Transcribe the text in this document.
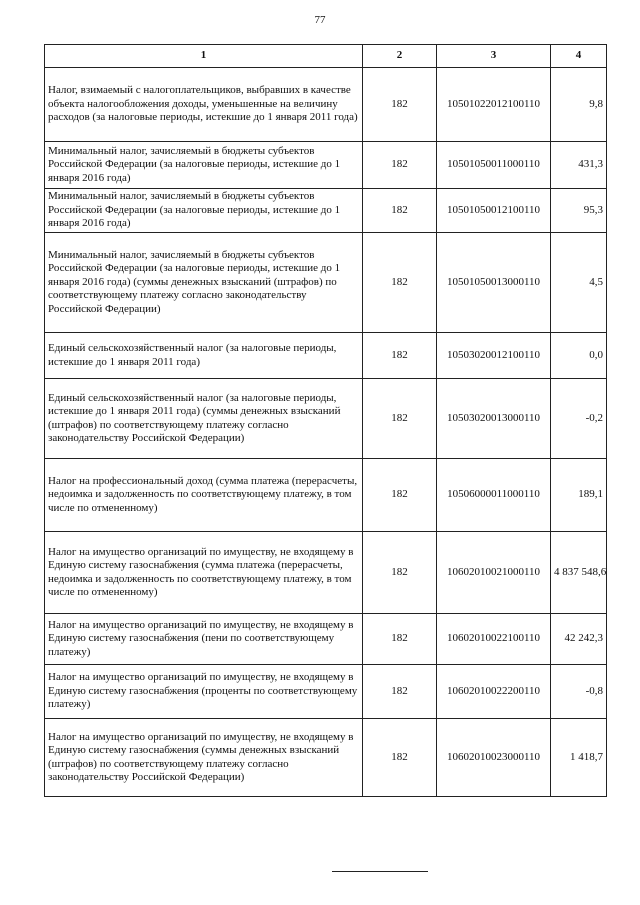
77
1	2	3	4
Налог, взимаемый с налогоплательщиков, выбравших в качестве объекта налогообложения доходы, уменьшенные на величину расходов (за налоговые периоды, истекшие до 1 января 2011 года)	182	10501022012100110	9,8
Минимальный налог, зачисляемый в бюджеты субъектов Российской Федерации (за налоговые периоды, истекшие до 1 января 2016 года)	182	10501050011000110	431,3
Минимальный налог, зачисляемый в бюджеты субъектов Российской Федерации (за налоговые периоды, истекшие до 1 января 2016 года)	182	10501050012100110	95,3
Минимальный налог, зачисляемый в бюджеты субъектов Российской Федерации (за налоговые периоды, истекшие до 1 января 2016 года) (суммы денежных взысканий (штрафов) по соответствующему платежу согласно законодательству Российской Федерации)	182	10501050013000110	4,5
Единый сельскохозяйственный налог (за налоговые периоды, истекшие до 1 января 2011 года)	182	10503020012100110	0,0
Единый сельскохозяйственный налог (за налоговые периоды, истекшие до 1 января 2011 года) (суммы денежных взысканий (штрафов) по соответствующему платежу согласно законодательству Российской Федерации)	182	10503020013000110	-0,2
Налог на профессиональный доход (сумма платежа (перерасчеты, недоимка и задолженность по соответствующему платежу, в том числе по отмененному)	182	10506000011000110	189,1
Налог на имущество организаций по имуществу, не входящему в Единую систему газоснабжения (сумма платежа (перерасчеты, недоимка и задолженность по соответствующему платежу, в том числе по отмененному)	182	10602010021000110	4 837 548,6
Налог на имущество организаций по имуществу, не входящему в Единую систему газоснабжения (пени по соответствующему платежу)	182	10602010022100110	42 242,3
Налог на имущество организаций по имуществу, не входящему в Единую систему газоснабжения (проценты по соответствующему платежу)	182	10602010022200110	-0,8
Налог на имущество организаций по имуществу, не входящему в Единую систему газоснабжения (суммы денежных взысканий (штрафов) по соответствующему платежу согласно законодательству Российской Федерации)	182	10602010023000110	1 418,7
